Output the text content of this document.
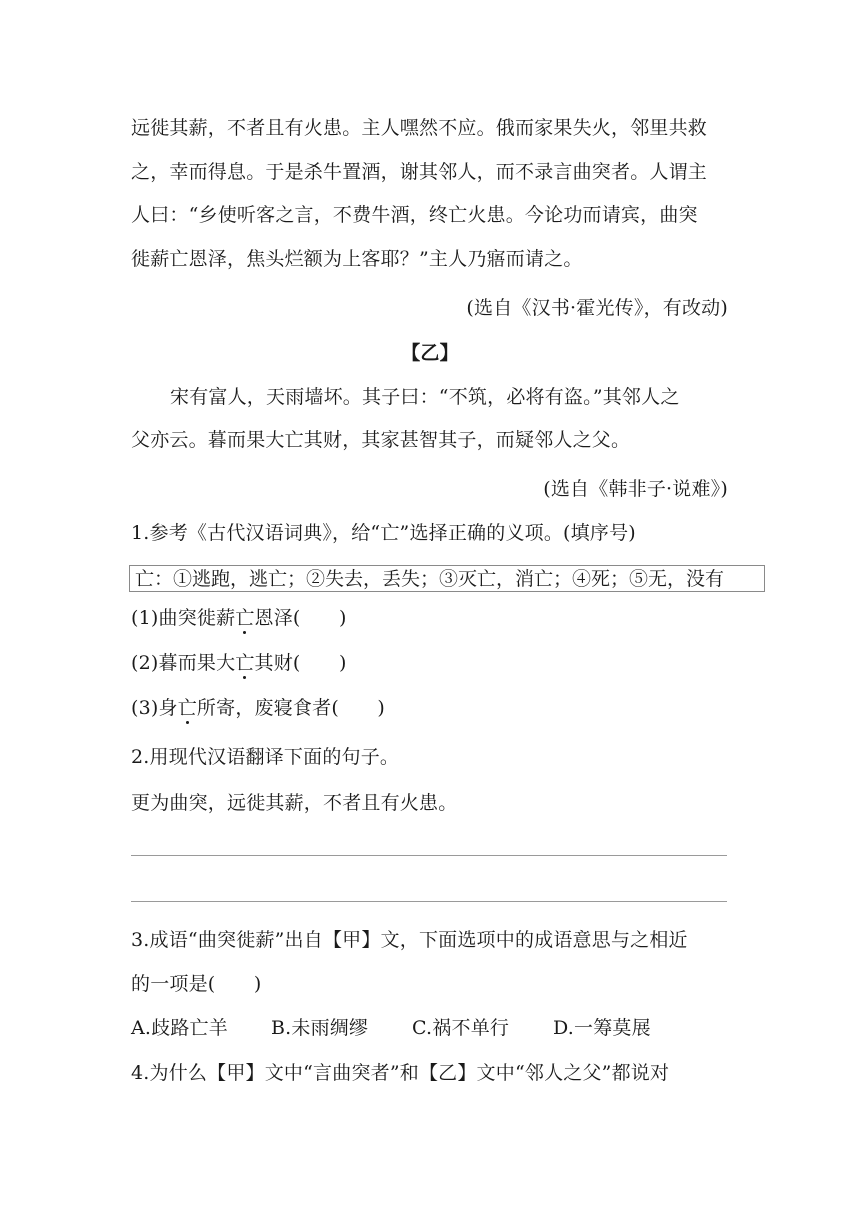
远徙其薪，不者且有火患。主人嘿然不应。俄而家果失火，邻里共救
之，幸而得息。于是杀牛置酒，谢其邻人，而不录言曲突者。人谓主
人曰：“乡使听客之言，不费牛酒，终亡火患。今论功而请宾，曲突
徙薪亡恩泽，焦头烂额为上客耶？”主人乃寤而请之。
(选自《汉书·霍光传》，有改动)
【乙】
宋有富人，天雨墙坏。其子曰：“不筑，必将有盗。”其邻人之
父亦云。暮而果大亡其财，其家甚智其子，而疑邻人之父。
(选自《韩非子·说难》)
1.参考《古代汉语词典》，给“亡”选择正确的义项。(填序号)
亡：①逃跑，逃亡；②失去，丢失；③灭亡，消亡；④死；⑤无，没有
(1)曲突徙薪亡恩泽(　　)
(2)暮而果大亡其财(　　)
(3)身亡所寄，废寝食者(　　)
2.用现代汉语翻译下面的句子。
更为曲突，远徙其薪，不者且有火患。
3.成语“曲突徙薪”出自【甲】文，下面选项中的成语意思与之相近
的一项是(　　)
A.歧路亡羊 B.未雨绸缪 C.祸不单行 D.一筹莫展
4.为什么【甲】文中“言曲突者”和【乙】文中“邻人之父”都说对
